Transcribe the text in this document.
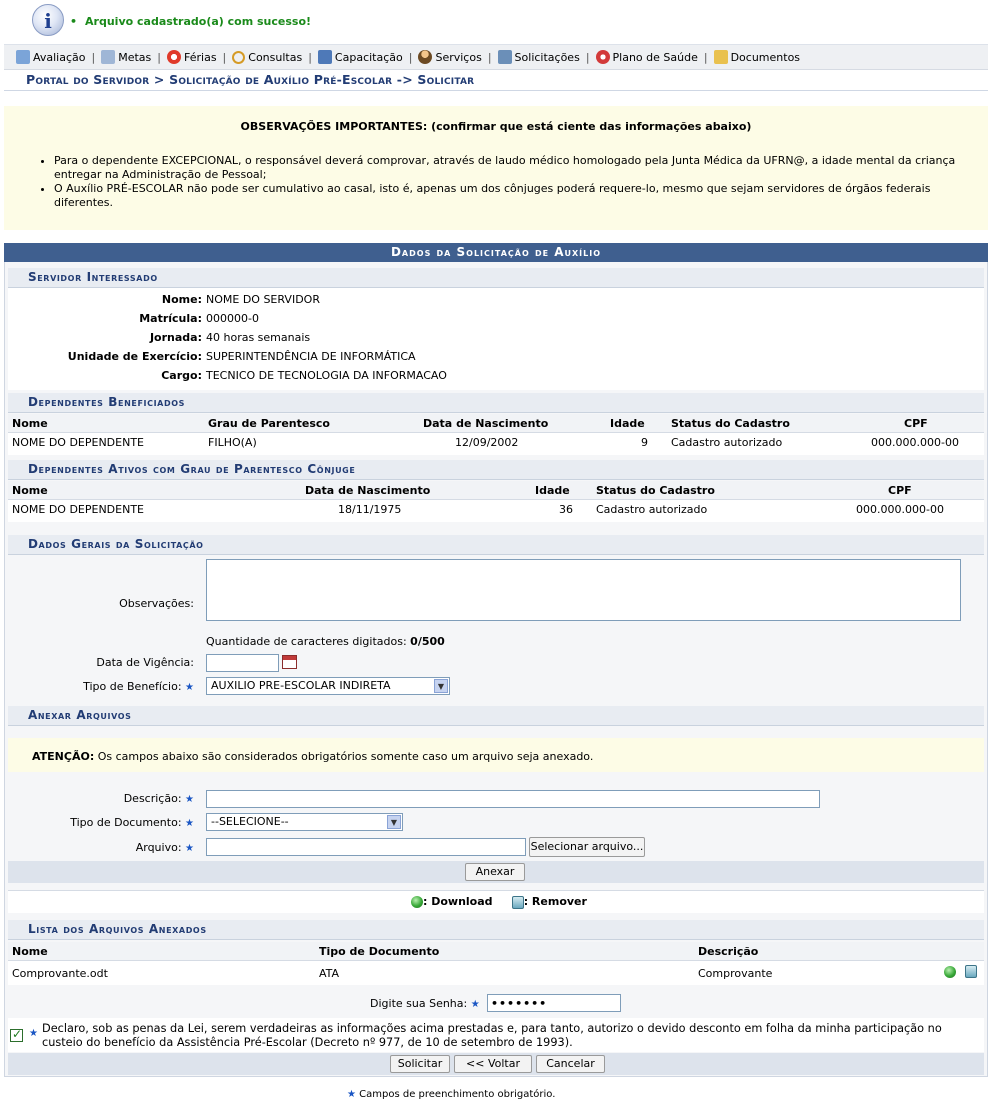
i
•	Arquivo cadastrado(a) com sucesso!
Avaliação | Metas | Férias | Consultas | Capacitação | Serviços | Solicitações | Plano de Saúde | Documentos
Portal do Servidor > Solicitação de Auxílio Pré-Escolar -> Solicitar
OBSERVAÇÕES IMPORTANTES: (confirmar que está ciente das informações abaixo)
• Para o dependente EXCEPCIONAL, o responsável deverá comprovar, através de laudo médico homologado pela Junta Médica da UFRN@, a idade mental da criança entregar na Administração de Pessoal;
• O Auxílio PRÉ-ESCOLAR não pode ser cumulativo ao casal, isto é, apenas um dos cônjuges poderá requere-lo, mesmo que sejam servidores de órgãos federais diferentes.
Dados da Solicitação de Auxílio
Servidor Interessado
Nome: NOME DO SERVIDOR
Matrícula: 000000-0
Jornada: 40 horas semanais
Unidade de Exercício: SUPERINTENDÊNCIA DE INFORMÁTICA
Cargo: TECNICO DE TECNOLOGIA DA INFORMACAO
Dependentes Beneficiados
Nome	Grau de Parentesco	Data de Nascimento	Idade Status do Cadastro	CPF
NOME DO DEPENDENTE	FILHO(A)	12/09/2002	9 Cadastro autorizado	000.000.000-00
Dependentes Ativos com Grau de Parentesco Cônjuge
Nome	Data de Nascimento	Idade Status do Cadastro	CPF
NOME DO DEPENDENTE	18/11/1975	36 Cadastro autorizado	000.000.000-00
Dados Gerais da Solicitação
Observações:
Quantidade de caracteres digitados: 0/500
Data de Vigência:
Tipo de Benefício: ★	AUXILIO PRE-ESCOLAR INDIRETA	▼
Anexar Arquivos
ATENÇÃO: Os campos abaixo são considerados obrigatórios somente caso um arquivo seja anexado.
Descrição: ★
Tipo de Documento: ★	--SELECIONE--	▼
Arquivo: ★	Selecionar arquivo...
Anexar
: Download	: Remover
Lista dos Arquivos Anexados
Nome	Tipo de Documento	Descrição
Comprovante.odt	ATA	Comprovante
Digite sua Senha: ★
•••••••
✓
★ Declaro, sob as penas da Lei, serem verdadeiras as informações acima prestadas e, para tanto, autorizo o devido desconto em folha da minha participação no custeio do benefício da Assistência Pré-Escolar (Decreto nº 977, de 10 de setembro de 1993).
Solicitar	<< Voltar	Cancelar
★ Campos de preenchimento obrigatório.
